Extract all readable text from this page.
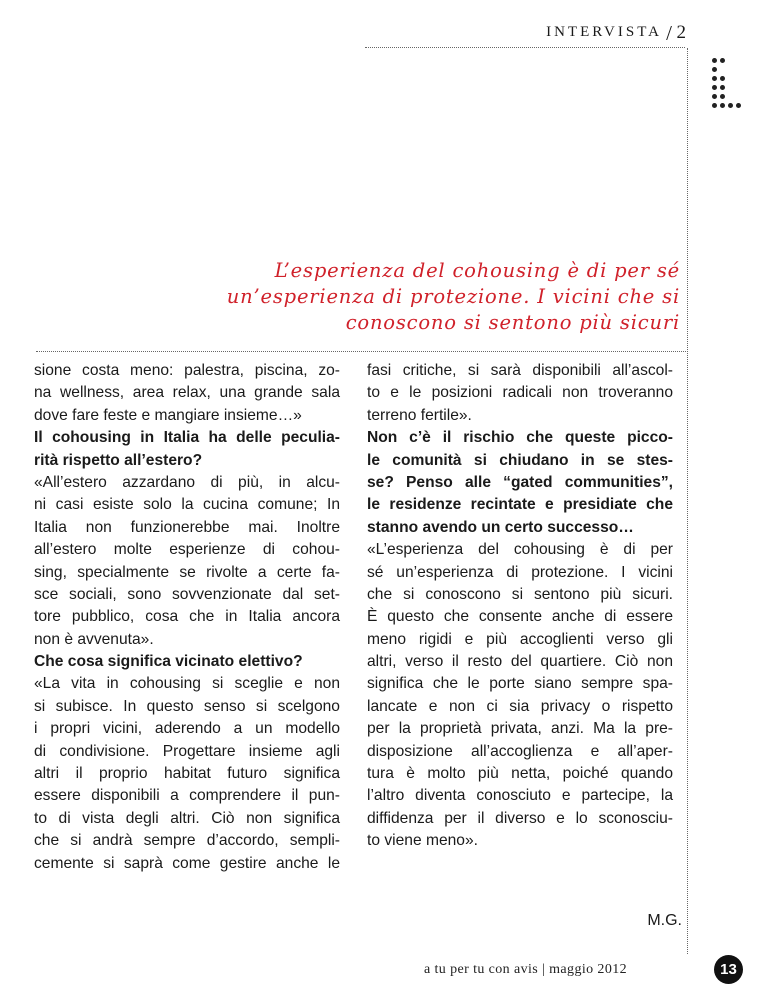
INTERVISTA / 2
L’esperienza del cohousing è di per sé
un’esperienza di protezione. I vicini che si
conoscono si sentono più sicuri
sione costa meno: palestra, piscina, zo-
na wellness, area relax, una grande sala
dove fare feste e mangiare insieme…»
Il cohousing in Italia ha delle peculia-
rità rispetto all’estero?
«All’estero azzardano di più, in alcu-
ni casi esiste solo la cucina comune; In
Italia non funzionerebbe mai. Inoltre
all’estero molte esperienze di cohou-
sing, specialmente se rivolte a certe fa-
sce sociali, sono sovvenzionate dal set-
tore pubblico, cosa che in Italia ancora
non è avvenuta».
Che cosa significa vicinato elettivo?
«La vita in cohousing si sceglie e non
si subisce. In questo senso si scelgono
i propri vicini, aderendo a un modello
di condivisione. Progettare insieme agli
altri il proprio habitat futuro significa
essere disponibili a comprendere il pun-
to di vista degli altri. Ciò non significa
che si andrà sempre d’accordo, sempli-
cemente si saprà come gestire anche le
fasi critiche, si sarà disponibili all’ascol-
to e le posizioni radicali non troveranno
terreno fertile».
Non c’è il rischio che queste picco-
le comunità si chiudano in se stes-
se? Penso alle “gated communities”,
le residenze recintate e presidiate che
stanno avendo un certo successo…
«L’esperienza del cohousing è di per
sé un’esperienza di protezione. I vicini
che si conoscono si sentono più sicuri.
È questo che consente anche di essere
meno rigidi e più accoglienti verso gli
altri, verso il resto del quartiere. Ciò non
significa che le porte siano sempre spa-
lancate e non ci sia privacy o rispetto
per la proprietà privata, anzi. Ma la pre-
disposizione all’accoglienza e all’aper-
tura è molto più netta, poiché quando
l’altro diventa conosciuto e partecipe, la
diffidenza per il diverso e lo sconosciu-
to viene meno».
M.G.
a tu per tu con avis | maggio 2012	13
